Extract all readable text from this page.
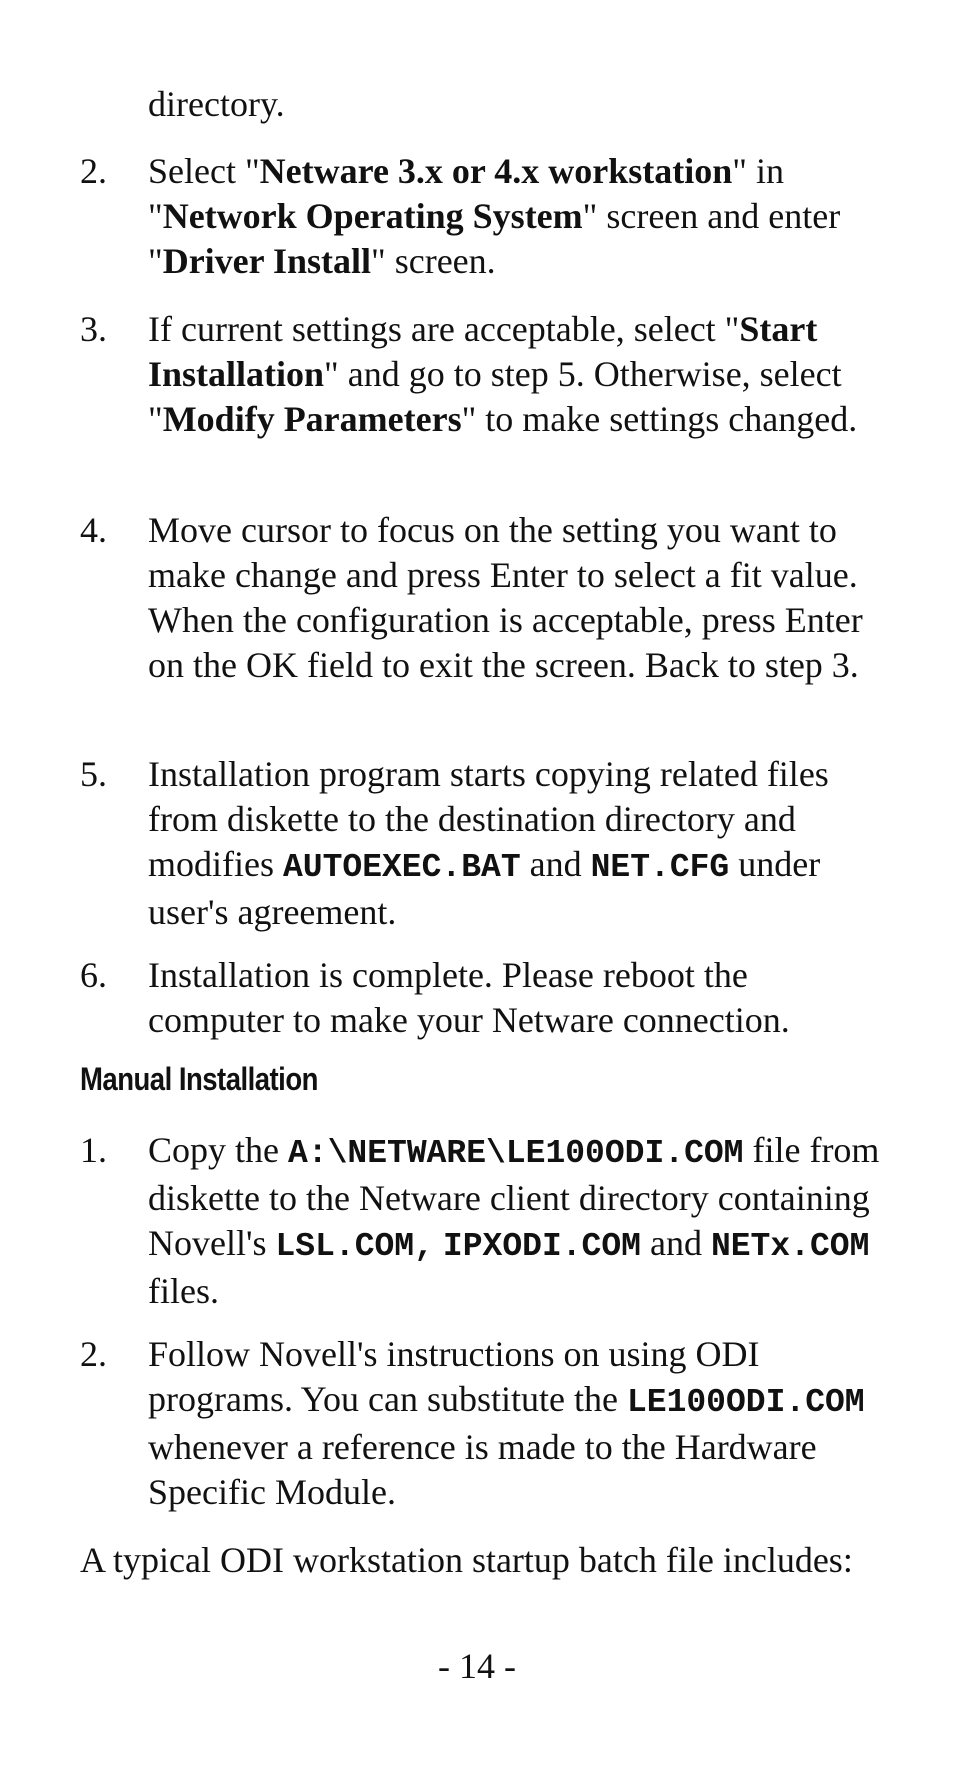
directory.
2.	Select "Netware 3.x or 4.x workstation" in "Network Operating System" screen and enter "Driver Install" screen.
3.	If current settings are acceptable, select "Start Installation" and go to step 5. Otherwise, select "Modify Parameters" to make settings changed.
4.	Move cursor to focus on the setting you want to make change and press Enter to select a fit value. When the configuration is acceptable, press Enter on the OK field to exit the screen. Back to step 3.
5.	Installation program starts copying related files from diskette to the destination directory and modifies AUTOEXEC.BAT and NET.CFG under user's agreement.
6.	Installation is complete. Please reboot the computer to make your Netware connection.
Manual Installation
1.	Copy the A:\NETWARE\LE100ODI.COM file from diskette to the Netware client directory containing Novell's LSL.COM, IPXODI.COM and NETx.COM files.
2.	Follow Novell's instructions on using ODI programs. You can substitute the LE100ODI.COM whenever a reference is made to the Hardware Specific Module.
A typical ODI workstation startup batch file includes:
- 14 -
